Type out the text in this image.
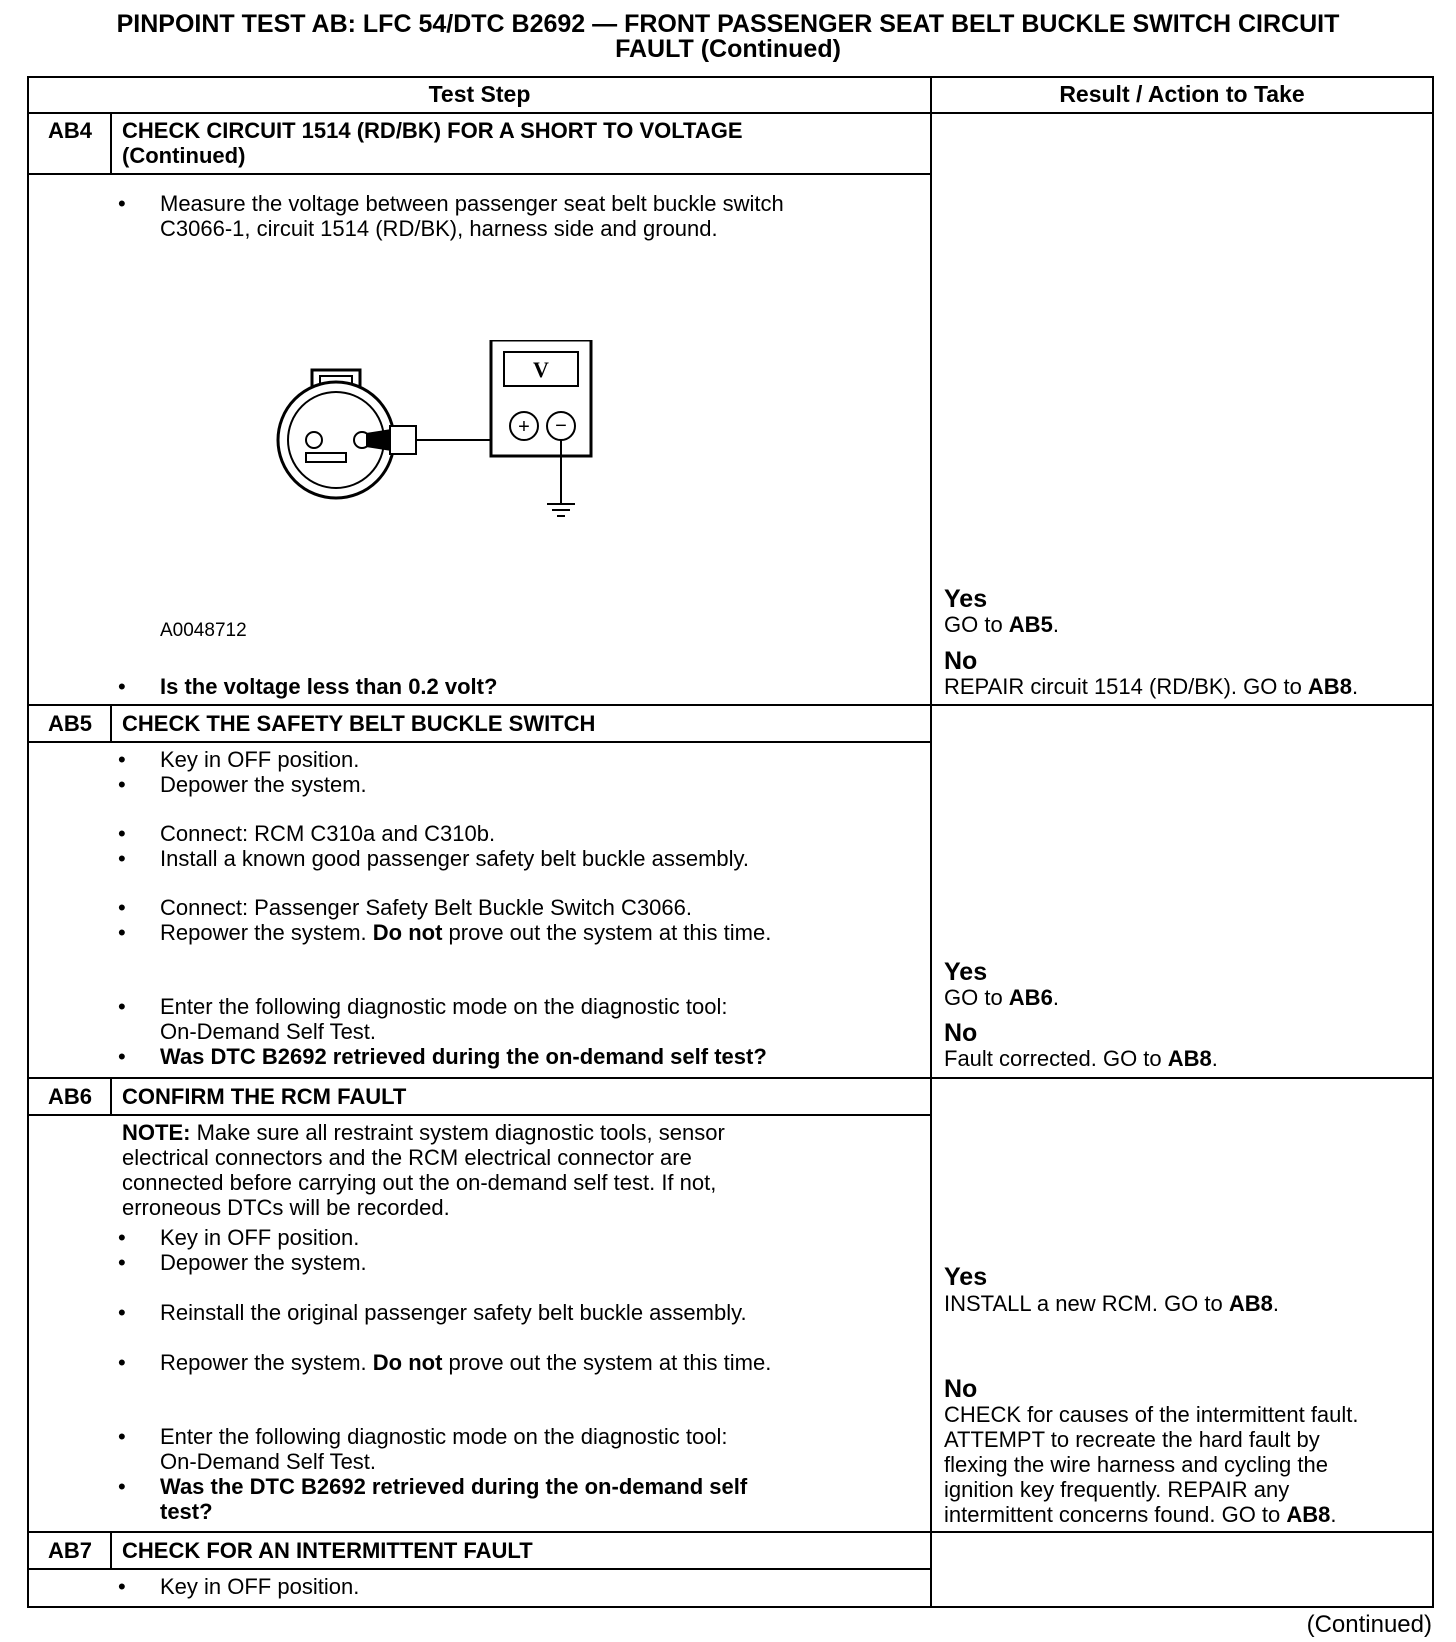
PINPOINT TEST AB: LFC 54/DTC B2692 — FRONT PASSENGER SEAT BELT BUCKLE SWITCH CIRCUIT
FAULT (Continued)
Test Step	Result / Action to Take
AB4	CHECK CIRCUIT 1514 (RD/BK) FOR A SHORT TO VOLTAGE
(Continued)
• Measure the voltage between passenger seat belt buckle switch
C3066-1, circuit 1514 (RD/BK), harness side and ground.
V
+ −
A0048712
• Is the voltage less than 0.2 volt?
Yes
GO to AB5.
No
REPAIR circuit 1514 (RD/BK). GO to AB8.
AB5	CHECK THE SAFETY BELT BUCKLE SWITCH
• Key in OFF position.
• Depower the system.
• Connect: RCM C310a and C310b.
• Install a known good passenger safety belt buckle assembly.
• Connect: Passenger Safety Belt Buckle Switch C3066.
• Repower the system. Do not prove out the system at this time.
• Enter the following diagnostic mode on the diagnostic tool:
On-Demand Self Test.
• Was DTC B2692 retrieved during the on-demand self test?
Yes
GO to AB6.
No
Fault corrected. GO to AB8.
AB6	CONFIRM THE RCM FAULT
NOTE: Make sure all restraint system diagnostic tools, sensor
electrical connectors and the RCM electrical connector are
connected before carrying out the on-demand self test. If not,
erroneous DTCs will be recorded.
• Key in OFF position.
• Depower the system.
• Reinstall the original passenger safety belt buckle assembly.
• Repower the system. Do not prove out the system at this time.
• Enter the following diagnostic mode on the diagnostic tool:
On-Demand Self Test.
• Was the DTC B2692 retrieved during the on-demand self
test?
Yes
INSTALL a new RCM. GO to AB8.
No
CHECK for causes of the intermittent fault.
ATTEMPT to recreate the hard fault by
flexing the wire harness and cycling the
ignition key frequently. REPAIR any
intermittent concerns found. GO to AB8.
AB7	CHECK FOR AN INTERMITTENT FAULT
• Key in OFF position.
(Continued)
